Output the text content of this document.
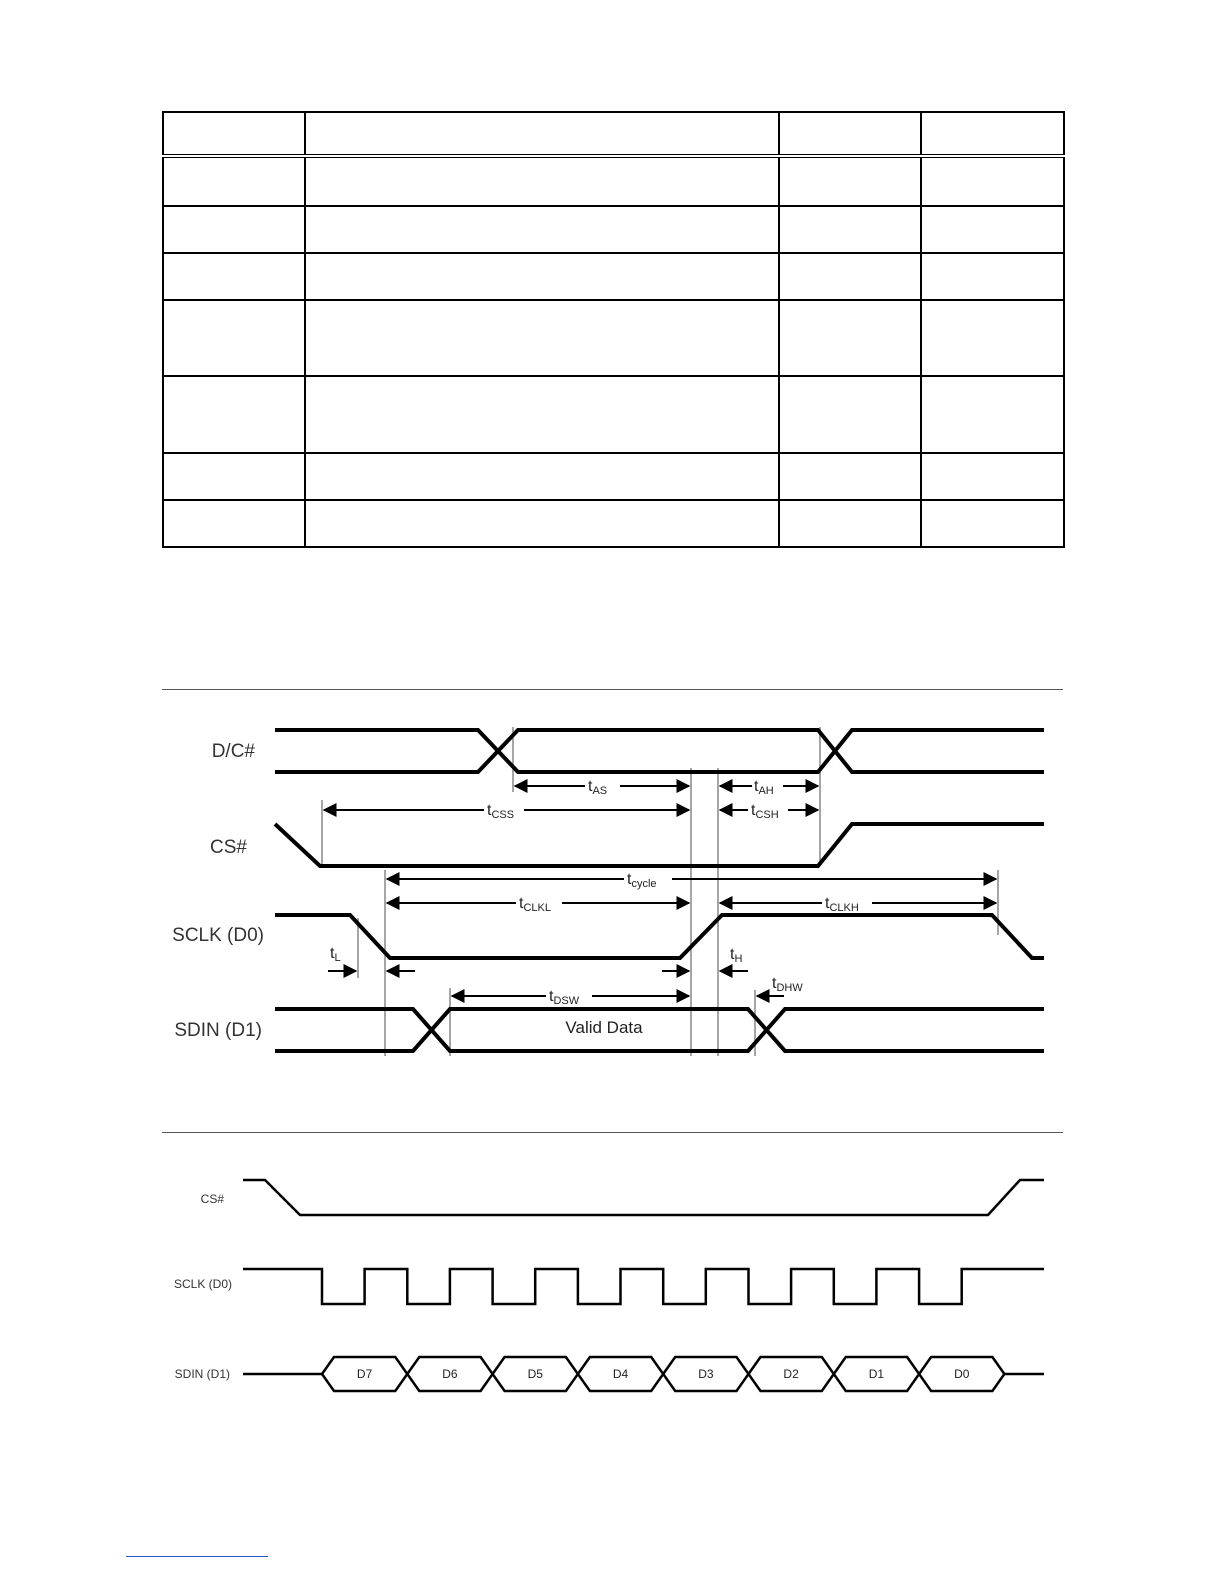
D/C#
CS#
SCLK (D0)
SDIN (D1)
tAS	tAH
tCSS	tCSH
tcycle
tCLKL	tCLKH
tL	tH
tDSW
tDHW
Valid Data
CS#
SCLK (D0)
SDIN (D1)	D7	D6	D5	D4	D3	D2	D1	D0
